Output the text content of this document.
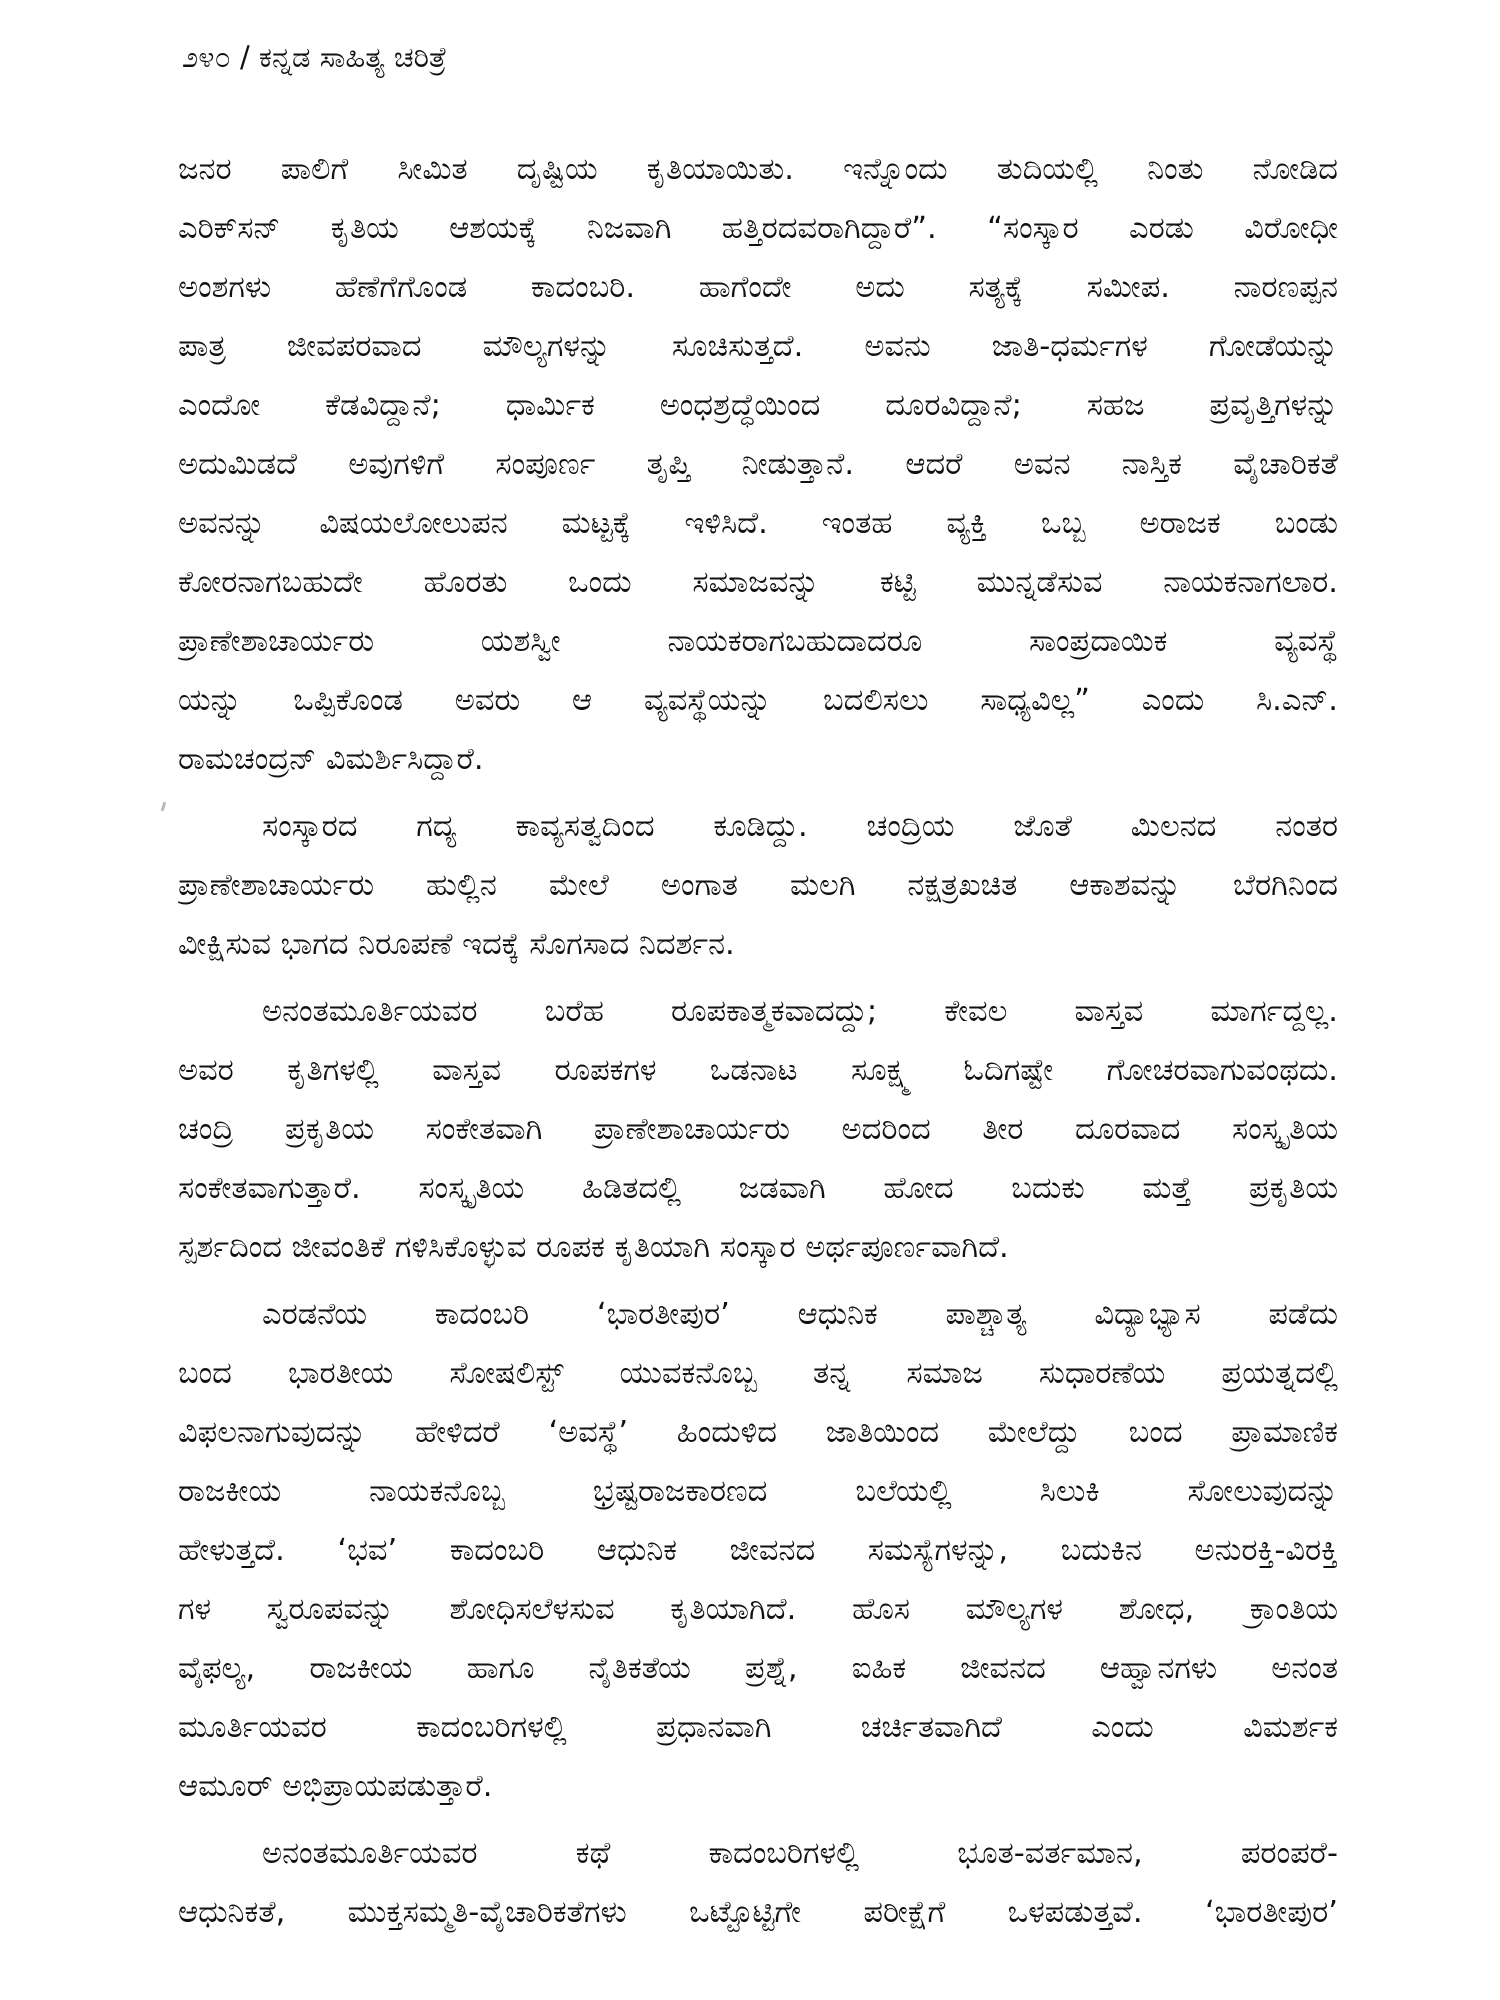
೨೪೦ / ಕನ್ನಡ ಸಾಹಿತ್ಯ ಚರಿತ್ರೆ
ಜನರ ಪಾಲಿಗೆ ಸೀಮಿತ ದೃಷ್ಟಿಯ ಕೃತಿಯಾಯಿತು. ಇನ್ನೊಂದು ತುದಿಯಲ್ಲಿ ನಿಂತು ನೋಡಿದ
ಎರಿಕ್‌ಸನ್ ಕೃತಿಯ ಆಶಯಕ್ಕೆ ನಿಜವಾಗಿ ಹತ್ತಿರದವರಾಗಿದ್ದಾರೆ”. “ಸಂಸ್ಕಾರ ಎರಡು ವಿರೋಧೀ
ಅಂಶಗಳು ಹೆಣೆಗೆಗೊಂಡ ಕಾದಂಬರಿ. ಹಾಗೆಂದೇ ಅದು ಸತ್ಯಕ್ಕೆ ಸಮೀಪ. ನಾರಣಪ್ಪನ
ಪಾತ್ರ ಜೀವಪರವಾದ ಮೌಲ್ಯಗಳನ್ನು ಸೂಚಿಸುತ್ತದೆ. ಅವನು ಜಾತಿ-ಧರ್ಮಗಳ ಗೋಡೆಯನ್ನು
ಎಂದೋ ಕೆಡವಿದ್ದಾನೆ; ಧಾರ್ಮಿಕ ಅಂಧಶ್ರದ್ಧೆಯಿಂದ ದೂರವಿದ್ದಾನೆ; ಸಹಜ ಪ್ರವೃತ್ತಿಗಳನ್ನು
ಅದುಮಿಡದೆ ಅವುಗಳಿಗೆ ಸಂಪೂರ್ಣ ತೃಪ್ತಿ ನೀಡುತ್ತಾನೆ. ಆದರೆ ಅವನ ನಾಸ್ತಿಕ ವೈಚಾರಿಕತೆ
ಅವನನ್ನು ವಿಷಯಲೋಲುಪನ ಮಟ್ಟಕ್ಕೆ ಇಳಿಸಿದೆ. ಇಂತಹ ವ್ಯಕ್ತಿ ಒಬ್ಬ ಅರಾಜಕ ಬಂಡು
ಕೋರನಾಗಬಹುದೇ ಹೊರತು ಒಂದು ಸಮಾಜವನ್ನು ಕಟ್ಟಿ ಮುನ್ನಡೆಸುವ ನಾಯಕನಾಗಲಾರ.
ಪ್ರಾಣೇಶಾಚಾರ್ಯರು ಯಶಸ್ವೀ ನಾಯಕರಾಗಬಹುದಾದರೂ ಸಾಂಪ್ರದಾಯಿಕ ವ್ಯವಸ್ಥೆ
ಯನ್ನು ಒಪ್ಪಿಕೊಂಡ ಅವರು ಆ ವ್ಯವಸ್ಥೆಯನ್ನು ಬದಲಿಸಲು ಸಾಧ್ಯವಿಲ್ಲ” ಎಂದು ಸಿ.ಎನ್.
ರಾಮಚಂದ್ರನ್ ವಿಮರ್ಶಿಸಿದ್ದಾರೆ.
ಸಂಸ್ಕಾರದ ಗದ್ಯ ಕಾವ್ಯಸತ್ವದಿಂದ ಕೂಡಿದ್ದು. ಚಂದ್ರಿಯ ಜೊತೆ ಮಿಲನದ ನಂತರ
ಪ್ರಾಣೇಶಾಚಾರ್ಯರು ಹುಲ್ಲಿನ ಮೇಲೆ ಅಂಗಾತ ಮಲಗಿ ನಕ್ಷತ್ರಖಚಿತ ಆಕಾಶವನ್ನು ಬೆರಗಿನಿಂದ
ವೀಕ್ಷಿಸುವ ಭಾಗದ ನಿರೂಪಣೆ ಇದಕ್ಕೆ ಸೊಗಸಾದ ನಿದರ್ಶನ.
ಅನಂತಮೂರ್ತಿಯವರ ಬರೆಹ ರೂಪಕಾತ್ಮಕವಾದದ್ದು; ಕೇವಲ ವಾಸ್ತವ ಮಾರ್ಗದ್ದಲ್ಲ.
ಅವರ ಕೃತಿಗಳಲ್ಲಿ ವಾಸ್ತವ ರೂಪಕಗಳ ಒಡನಾಟ ಸೂಕ್ಷ್ಮ ಓದಿಗಷ್ಟೇ ಗೋಚರವಾಗುವಂಥದು.
ಚಂದ್ರಿ ಪ್ರಕೃತಿಯ ಸಂಕೇತವಾಗಿ ಪ್ರಾಣೇಶಾಚಾರ್ಯರು ಅದರಿಂದ ತೀರ ದೂರವಾದ ಸಂಸ್ಕೃತಿಯ
ಸಂಕೇತವಾಗುತ್ತಾರೆ. ಸಂಸ್ಕೃತಿಯ ಹಿಡಿತದಲ್ಲಿ ಜಡವಾಗಿ ಹೋದ ಬದುಕು ಮತ್ತೆ ಪ್ರಕೃತಿಯ
ಸ್ಪರ್ಶದಿಂದ ಜೀವಂತಿಕೆ ಗಳಿಸಿಕೊಳ್ಳುವ ರೂಪಕ ಕೃತಿಯಾಗಿ ಸಂಸ್ಕಾರ ಅರ್ಥಪೂರ್ಣವಾಗಿದೆ.
ಎರಡನೆಯ ಕಾದಂಬರಿ ‘ಭಾರತೀಪುರ’ ಆಧುನಿಕ ಪಾಶ್ಚಾತ್ಯ ವಿದ್ಯಾಭ್ಯಾಸ ಪಡೆದು
ಬಂದ ಭಾರತೀಯ ಸೋಷಲಿಸ್ಟ್ ಯುವಕನೊಬ್ಬ ತನ್ನ ಸಮಾಜ ಸುಧಾರಣೆಯ ಪ್ರಯತ್ನದಲ್ಲಿ
ವಿಫಲನಾಗುವುದನ್ನು ಹೇಳಿದರೆ ‘ಅವಸ್ಥೆ’ ಹಿಂದುಳಿದ ಜಾತಿಯಿಂದ ಮೇಲೆದ್ದು ಬಂದ ಪ್ರಾಮಾಣಿಕ
ರಾಜಕೀಯ ನಾಯಕನೊಬ್ಬ ಭ್ರಷ್ಟರಾಜಕಾರಣದ ಬಲೆಯಲ್ಲಿ ಸಿಲುಕಿ ಸೋಲುವುದನ್ನು
ಹೇಳುತ್ತದೆ. ‘ಭವ’ ಕಾದಂಬರಿ ಆಧುನಿಕ ಜೀವನದ ಸಮಸ್ಯೆಗಳನ್ನು, ಬದುಕಿನ ಅನುರಕ್ತಿ-ವಿರಕ್ತಿ
ಗಳ ಸ್ವರೂಪವನ್ನು ಶೋಧಿಸಲೆಳಸುವ ಕೃತಿಯಾಗಿದೆ. ಹೊಸ ಮೌಲ್ಯಗಳ ಶೋಧ, ಕ್ರಾಂತಿಯ
ವೈಫಲ್ಯ, ರಾಜಕೀಯ ಹಾಗೂ ನೈತಿಕತೆಯ ಪ್ರಶ್ನೆ, ಐಹಿಕ ಜೀವನದ ಆಹ್ವಾನಗಳು ಅನಂತ
ಮೂರ್ತಿಯವರ ಕಾದಂಬರಿಗಳಲ್ಲಿ ಪ್ರಧಾನವಾಗಿ ಚರ್ಚಿತವಾಗಿದೆ ಎಂದು ವಿಮರ್ಶಕ
ಆಮೂರ್ ಅಭಿಪ್ರಾಯಪಡುತ್ತಾರೆ.
ಅನಂತಮೂರ್ತಿಯವರ ಕಥೆ ಕಾದಂಬರಿಗಳಲ್ಲಿ ಭೂತ-ವರ್ತಮಾನ, ಪರಂಪರೆ-
ಆಧುನಿಕತೆ, ಮುಕ್ತಸಮ್ಮತಿ-ವೈಚಾರಿಕತೆಗಳು ಒಟ್ಟೊಟ್ಟಿಗೇ ಪರೀಕ್ಷೆಗೆ ಒಳಪಡುತ್ತವೆ. ‘ಭಾರತೀಪುರ’
